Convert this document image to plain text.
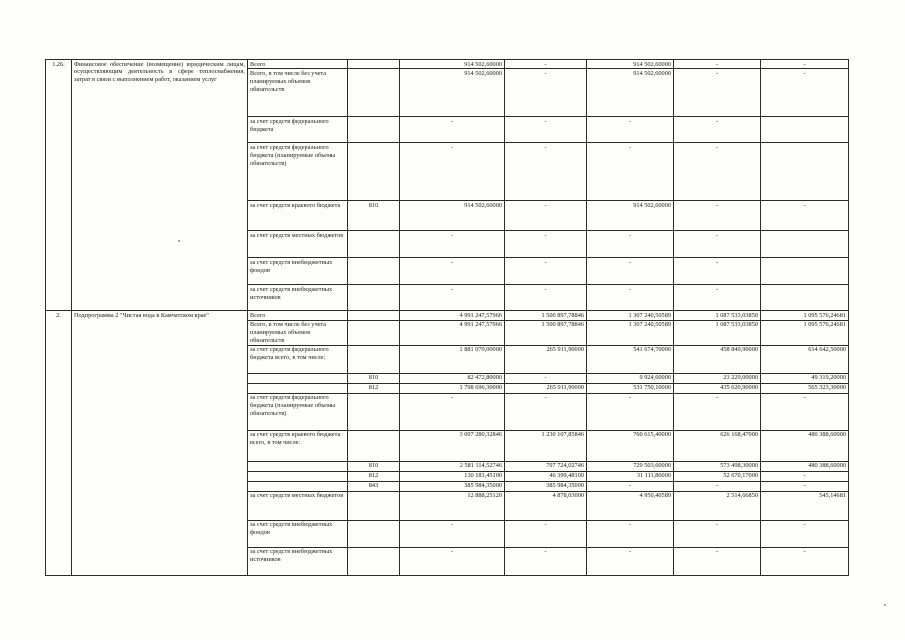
1.26.	Финансовое обеспечение (возмещение) юридическим лицам, осуществляющим деятельность в сфере теплоснабжения, затрат в связи с выполнением работ, оказанием услуг	Всего		914 502,60000	-	914 502,60000	-	-
		Всего, в том числе без учета планируемых объемов обязательств		914 502,60000	-	914 502,60000	-	-
		за счет средств федерального бюджета		-	-	-	-	
		за счет средств федерального бюджета (планируемые объемы обязательств)		-	-	-	-	
		за счет средств краевого бюджета	810	914 502,60000	-	914 502,60000	-	-
		за счет средств местных бюджетов		-	-	-	-	
		за счет средств внебюджетных фондов		-	-	-	-	
		за счет средств внебюджетных источников		-	-	-	-	
2.	Подпрограмма 2 "Чистая вода в Камчатском крае"	Всего		4 991 247,57966	1 500 897,78846	1 307 240,50589	1 087 533,03850	1 095 576,24681
		Всего, в том числе без учета планируемых объемов обязательств		4 991 247,57966	1 500 897,78846	1 307 240,50589	1 087 533,03850	1 095 576,24681
		за счет средств федерального бюджета всего, в том числе:		1 881 079,00000	265 911,90000	541 674,70000	458 849,90000	614 642,50000
			810	82 472,80000	-	9 924,60000	23 229,00000	49 319,20000
			812	1 798 696,30000	265 911,90000	531 750,10000	435 620,90000	565 323,30000
		за счет средств федерального бюджета (планируемые объемы обязательств)		-	-	-	-	-
		за счет средств краевого бюджета всего, в том числе:		3 097 280,32846	1 230 107,85846	760 615,40000	626 168,47000	480 388,60000
			810	2 581 114,52746	797 724,02746	729 503,60000	573 498,30000	480 388,60000
			812	130 181,45100	46 399,48100	31 111,80000	52 670,17000	-
			843	385 984,35000	385 984,35000	-	-	-
		за счет средств местных бюджетов		12 888,25120	4 878,03000	4 950,40589	2 514,66850	545,14681
		за счет средств внебюджетных фондов		-	-	-	-	-
		за счет средств внебюджетных источников		-	-	-	-	-
